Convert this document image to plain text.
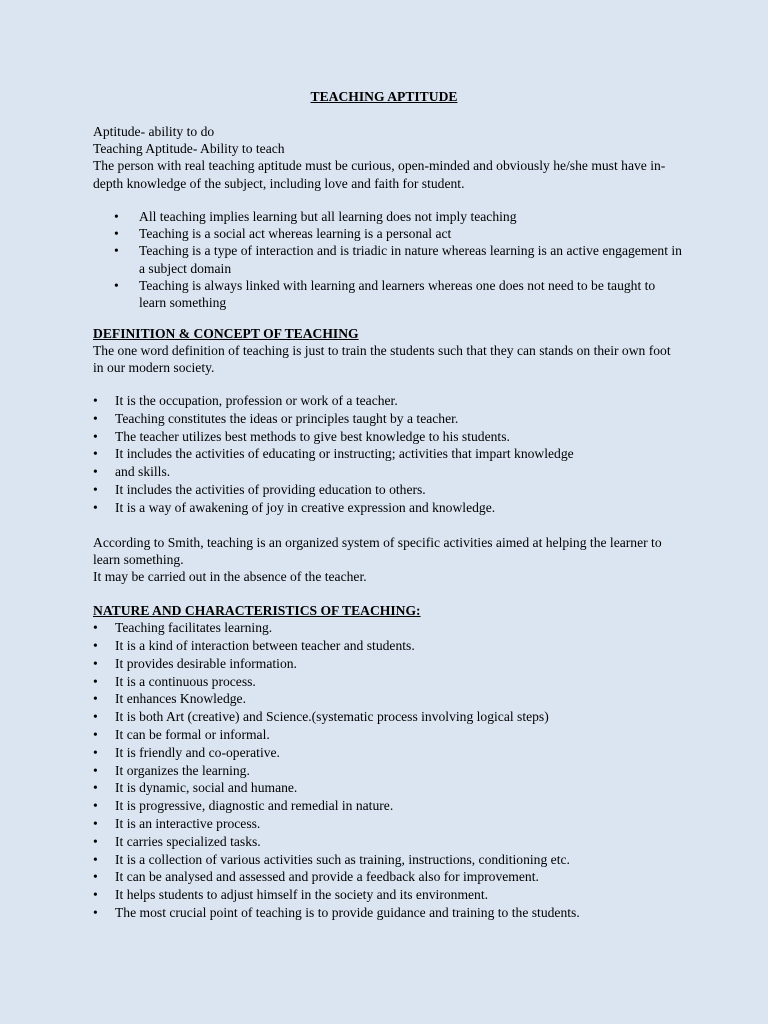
TEACHING APTITUDE

Aptitude- ability to do

Teaching Aptitude- Ability to teach

The person with real teaching aptitude must be curious, open-minded and obviously he/she must have in-depth knowledge of the subject, including love and faith for student.

• All teaching implies learning but all learning does not imply teaching
• Teaching is a social act whereas learning is a personal act
• Teaching is a type of interaction and is triadic in nature whereas learning is an active engagement in a subject domain
• Teaching is always linked with learning and learners whereas one does not need to be taught to learn something

DEFINITION & CONCEPT OF TEACHING

The one word definition of teaching is just to train the students such that they can stands on their own foot in our modern society.

• It is the occupation, profession or work of a teacher.
• Teaching constitutes the ideas or principles taught by a teacher.
• The teacher utilizes best methods to give best knowledge to his students.
• It includes the activities of educating or instructing; activities that impart knowledge
• and skills.
• It includes the activities of providing education to others.
• It is a way of awakening of joy in creative expression and knowledge.

According to Smith, teaching is an organized system of specific activities aimed at helping the learner to learn something.

It may be carried out in the absence of the teacher.

NATURE AND CHARACTERISTICS OF TEACHING:

• Teaching facilitates learning.
• It is a kind of interaction between teacher and students.
• It provides desirable information.
• It is a continuous process.
• It enhances Knowledge.
• It is both Art (creative) and Science.(systematic process involving logical steps)
• It can be formal or informal.
• It is friendly and co-operative.
• It organizes the learning.
• It is dynamic, social and humane.
• It is progressive, diagnostic and remedial in nature.
• It is an interactive process.
• It carries specialized tasks.
• It is a collection of various activities such as training, instructions, conditioning etc.
• It can be analysed and assessed and provide a feedback also for improvement.
• It helps students to adjust himself in the society and its environment.
• The most crucial point of teaching is to provide guidance and training to the students.
